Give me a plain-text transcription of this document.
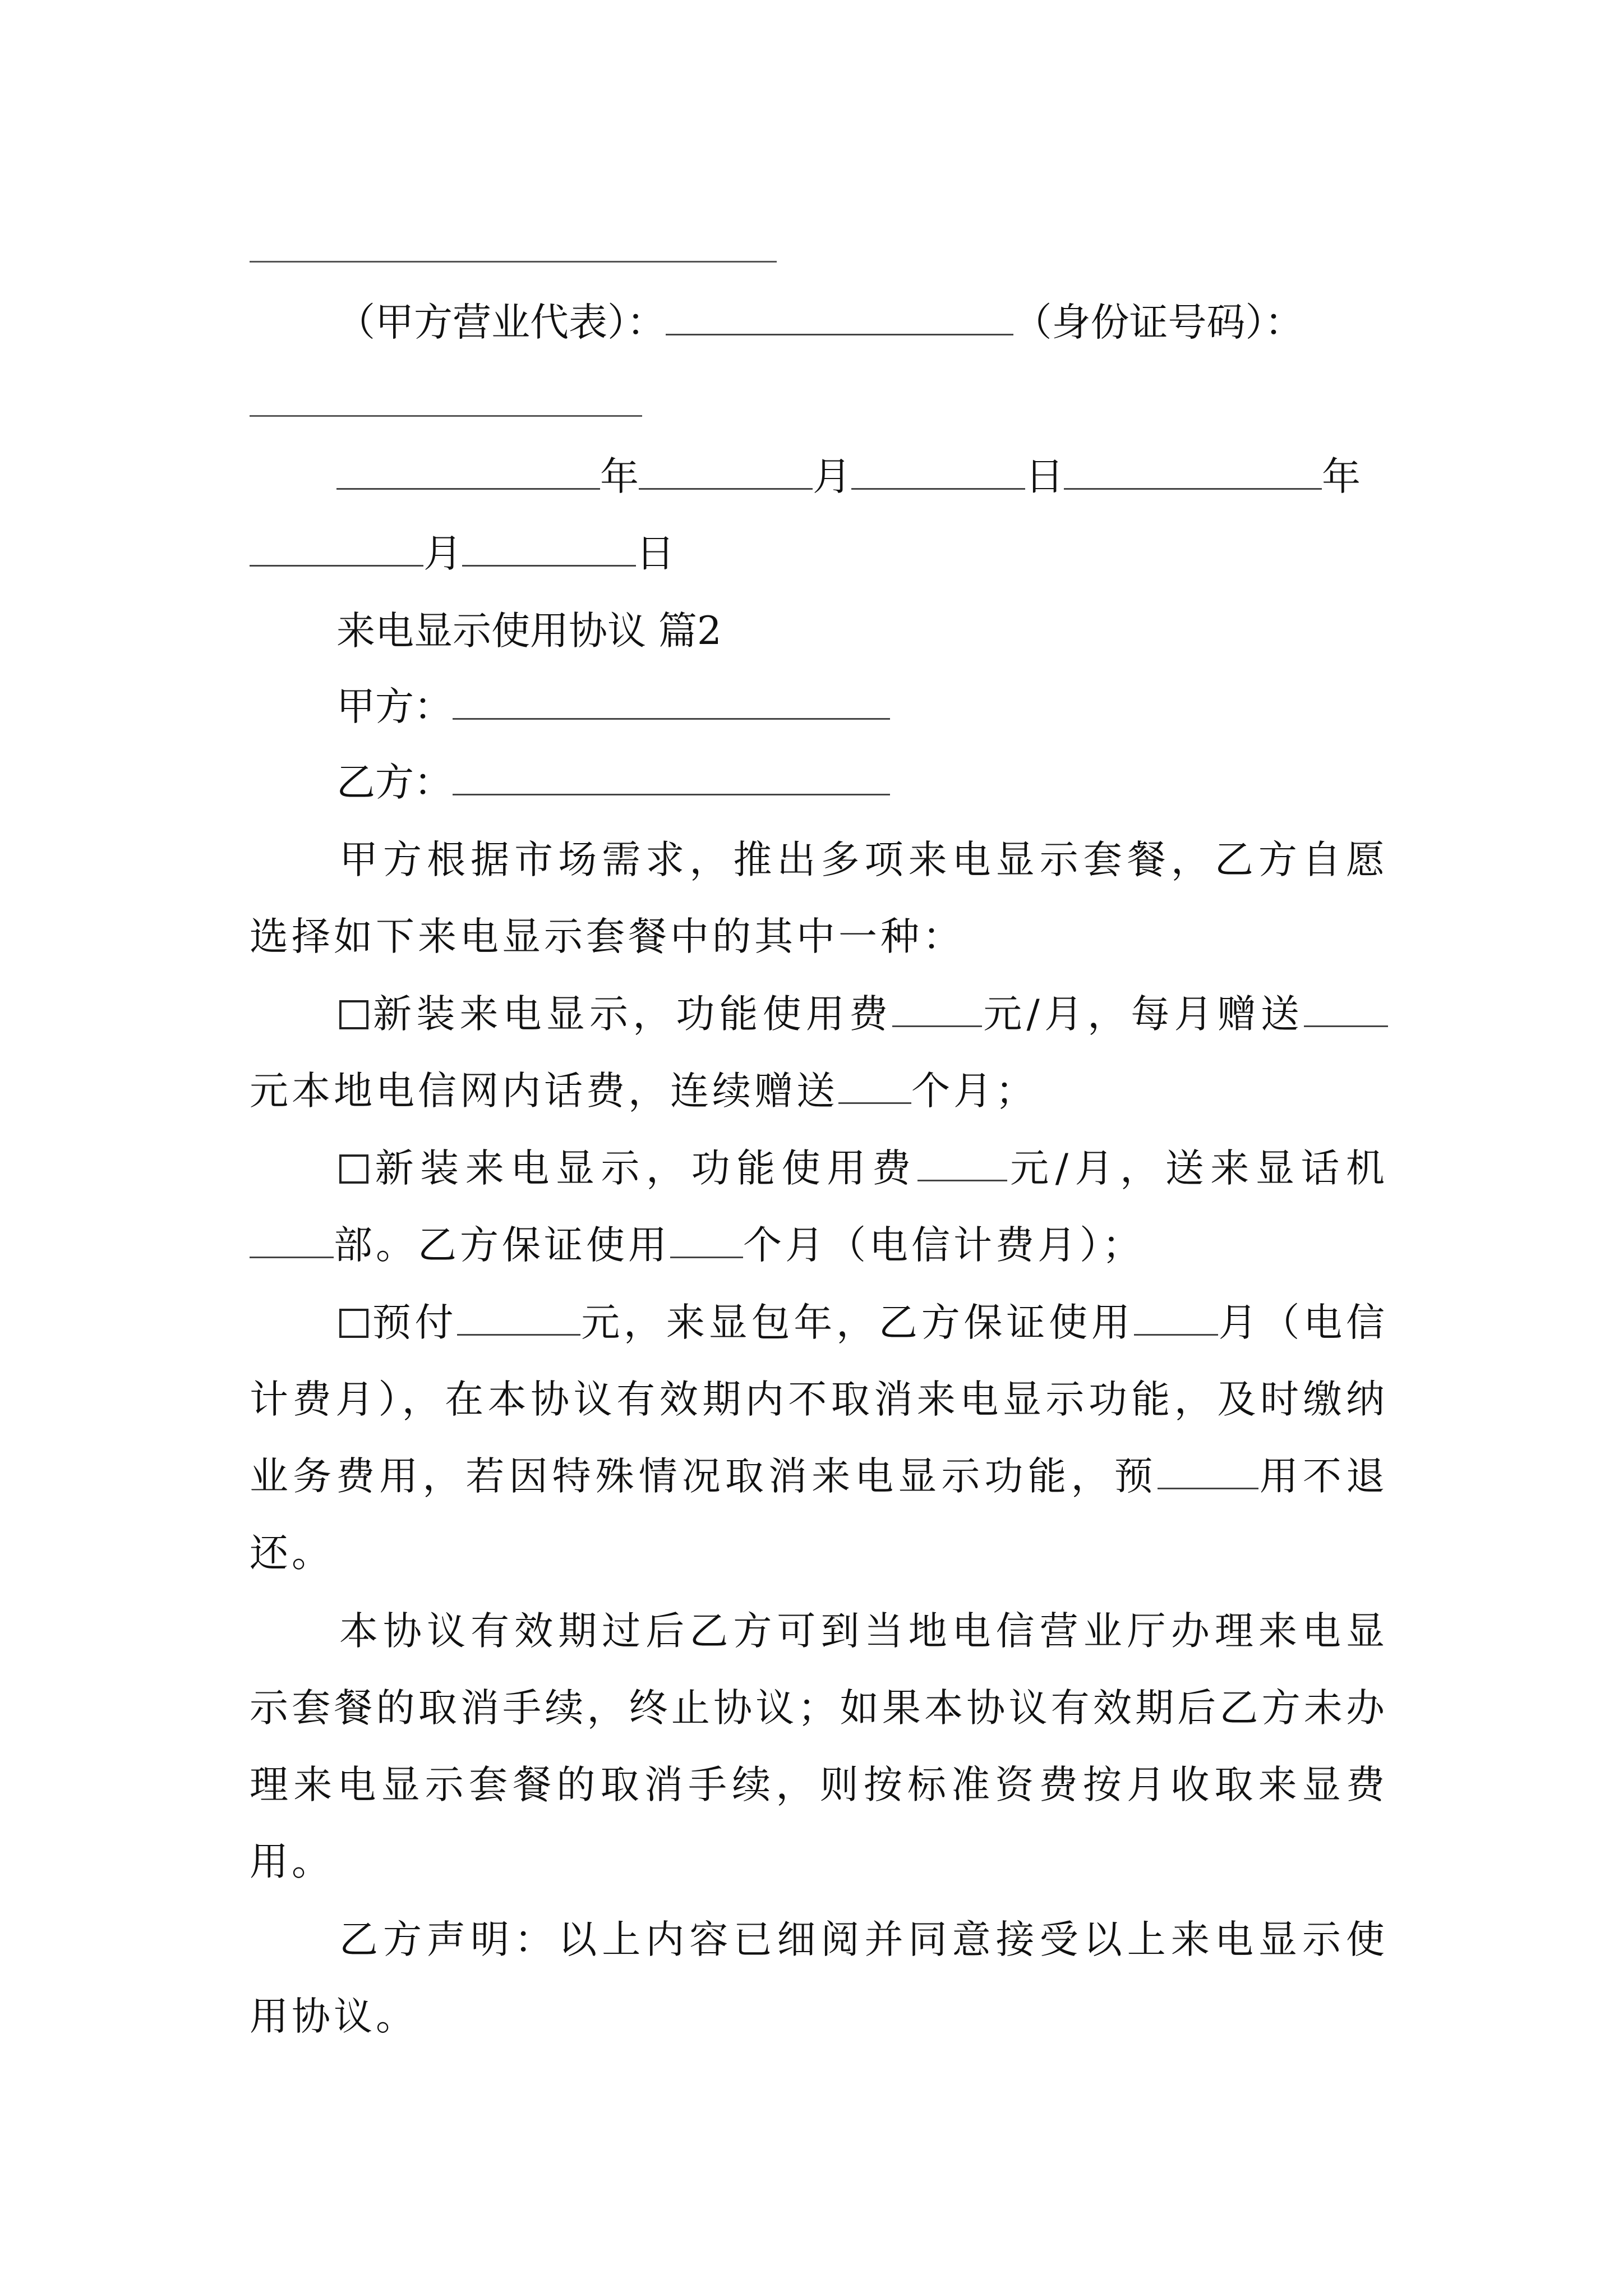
（甲方营业代表）：	（身份证号码）：
年	月	日	年
月	日
来电显示使用协议 篇2
甲方：
乙方：
甲方根据市场需求，推出多项来电显示套餐，乙方自愿选择如下来电显示套餐中的其中一种：
新装来电显示，功能使用费 元/月，每月赠送元本地电信网内话费，连续赠送 个月；
新装来电显示，功能使用费 元/月，送来显话机部。乙方保证使用 个月（电信计费月）；
预付	元，来显包年，乙方保证使用 月（电信计费月），在本协议有效期内不取消来电显示功能，及时缴纳业务费用，若因特殊情况取消来电显示功能，预	用不退还。
本协议有效期过后乙方可到当地电信营业厅办理来电显示套餐的取消手续，终止协议；如果本协议有效期后乙方未办理来电显示套餐的取消手续，则按标准资费按月收取来显费用。
乙方声明：以上内容已细阅并同意接受以上来电显示使用协议。
